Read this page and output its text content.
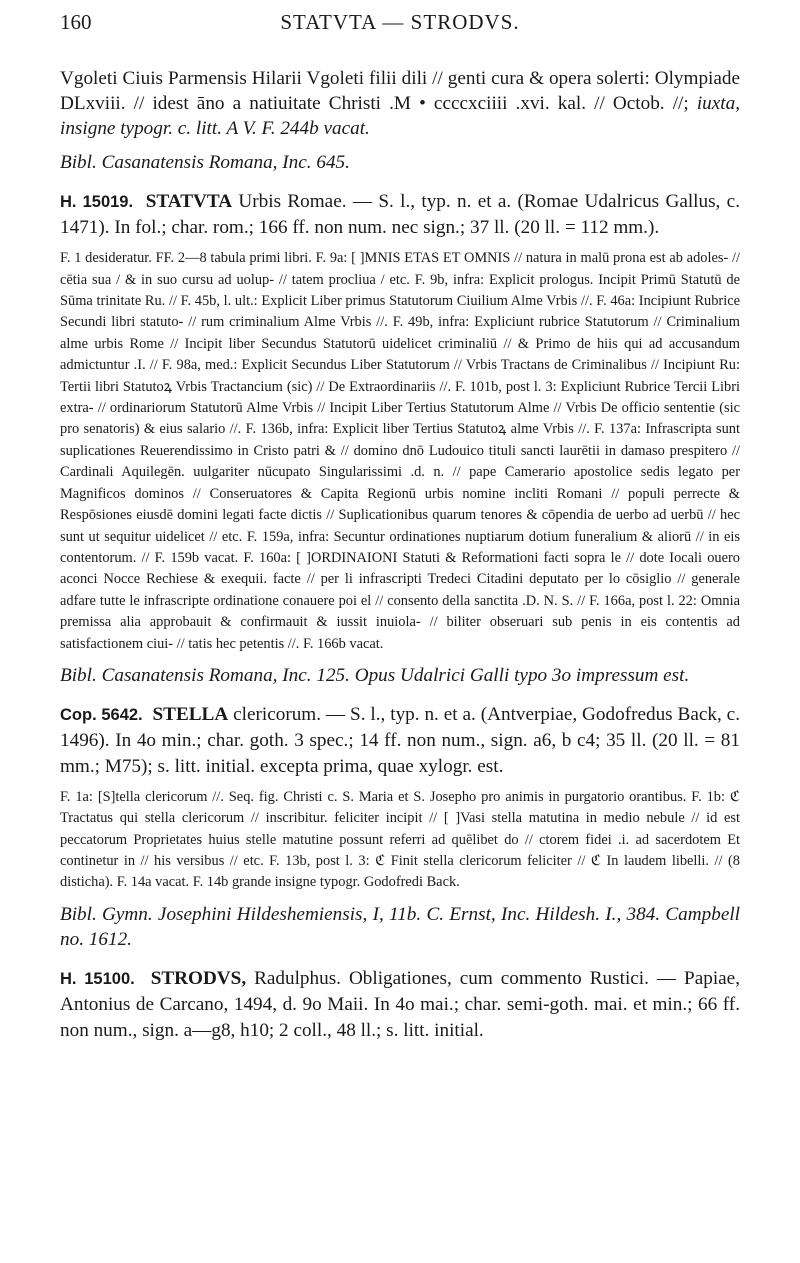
160	STATVTA — STRODVS.

Vgoleti Ciuis Parmensis Hilarii Vgoleti filii dili // genti cura & opera solerti: Olympiade DLxviii. // idest āno a natiuitate Christi .M • ccccxciiii .xvi. kal. // Octob. //; iuxta, insigne typogr. c. litt. A V. F. 244b vacat.

Bibl. Casanatensis Romana, Inc. 645.

H. 15019. STATVTA Urbis Romae. — S. l., typ. n. et a. (Romae Udalricus Gallus, c. 1471). In fol.; char. rom.; 166 ff. non num. nec sign.; 37 ll. (20 ll. = 112 mm.).

F. 1 desideratur. FF. 2—8 tabula primi libri. F. 9a: [ ]MNIS ETAS ET OMNIS // natura in malū prona est ab adoles- // cētia sua / & in suo cursu ad uolup- // tatem procliua / etc. F. 9b, infra: Explicit prologus. Incipit Primū Statutū de Sūma trinitate Ru. // F. 45b, l. ult.: Explicit Liber primus Statutorum Ciuilium Alme Vrbis //. F. 46a: Incipiunt Rubrice Secundi libri statuto- // rum criminalium Alme Vrbis //. F. 49b, infra: Expliciunt rubrice Statutorum // Criminalium alme urbis Rome // Incipit liber Secundus Statutorū uidelicet criminaliū // & Primo de hiis qui ad accusandum admictuntur .I. // F. 98a, med.: Explicit Secundus Liber Statutorum // Vrbis Tractans de Criminalibus // Incipiunt Ru: Tertii libri Statutoꝝ Vrbis Tractancium (sic) // De Extraordinariis //. F. 101b, post l. 3: Expliciunt Rubrice Tercii Libri extra- // ordinariorum Statutorū Alme Vrbis // Incipit Liber Tertius Statutorum Alme // Vrbis De officio sententie (sic pro senatoris) & eius salario //. F. 136b, infra: Explicit liber Tertius Statutoꝝ alme Vrbis //. F. 137a: Infrascripta sunt suplicationes Reuerendissimo in Cristo patri & // domino dnō Ludouico tituli sancti laurētii in damaso prespitero // Cardinali Aquilegēn. uulgariter nūcupato Singularissimi .d. n. // pape Camerario apostolice sedis legato per Magnificos dominos // Conseruatores & Capita Regionū urbis nomine incliti Romani // populi perrecte & Respōsiones eiusdē domini legati facte dictis // Suplicationibus quarum tenores & cōpendia de uerbo ad uerbū // hec sunt ut sequitur uidelicet // etc. F. 159a, infra: Secuntur ordinationes nuptiarum dotium funeralium & aliorū // in eis contentorum. // F. 159b vacat. F. 160a: [ ]ORDINAIONI Statuti & Reformationi facti sopra le // dote Iocali ouero aconci Nocce Rechiese & exequii. facte // per li infrascripti Tredeci Citadini deputato per lo cōsiglio // generale adfare tutte le infrascripte ordinatione conauere poi el // consento della sanctita .D. N. S. // F. 166a, post l. 22: Omnia premissa alia approbauit & confirmauit & iussit inuiola- // biliter obseruari sub penis in eis contentis ad satisfactionem ciui- // tatis hec petentis //. F. 166b vacat.

Bibl. Casanatensis Romana, Inc. 125. Opus Udalrici Galli typo 3o impressum est.

Cop. 5642. STELLA clericorum. — S. l., typ. n. et a. (Antverpiae, Godofredus Back, c. 1496). In 4o min.; char. goth. 3 spec.; 14 ff. non num., sign. a6, b c4; 35 ll. (20 ll. = 81 mm.; M75); s. litt. initial. excepta prima, quae xylogr. est.

F. 1a: [S]tella clericorum //. Seq. fig. Christi c. S. Maria et S. Josepho pro animis in purgatorio orantibus. F. 1b: ℭ Tractatus qui stella clericorum // inscribitur. feliciter incipit // [ ]Vasi stella matutina in medio nebule // id est peccatorum Proprietates huius stelle matutine possunt referri ad quēlibet do // ctorem fidei .i. ad sacerdotem Et continetur in // his versibus // etc. F. 13b, post l. 3: ℭ Finit stella clericorum feliciter // ℭ In laudem libelli. // (8 disticha). F. 14a vacat. F. 14b grande insigne typogr. Godofredi Back.

Bibl. Gymn. Josephini Hildeshemiensis, I, 11b. C. Ernst, Inc. Hildesh. I., 384. Campbell no. 1612.

H. 15100. STRODVS, Radulphus. Obligationes, cum commento Rustici. — Papiae, Antonius de Carcano, 1494, d. 9o Maii. In 4o mai.; char. semi-goth. mai. et min.; 66 ff. non num., sign. a—g8, h10; 2 coll., 48 ll.; s. litt. initial.
